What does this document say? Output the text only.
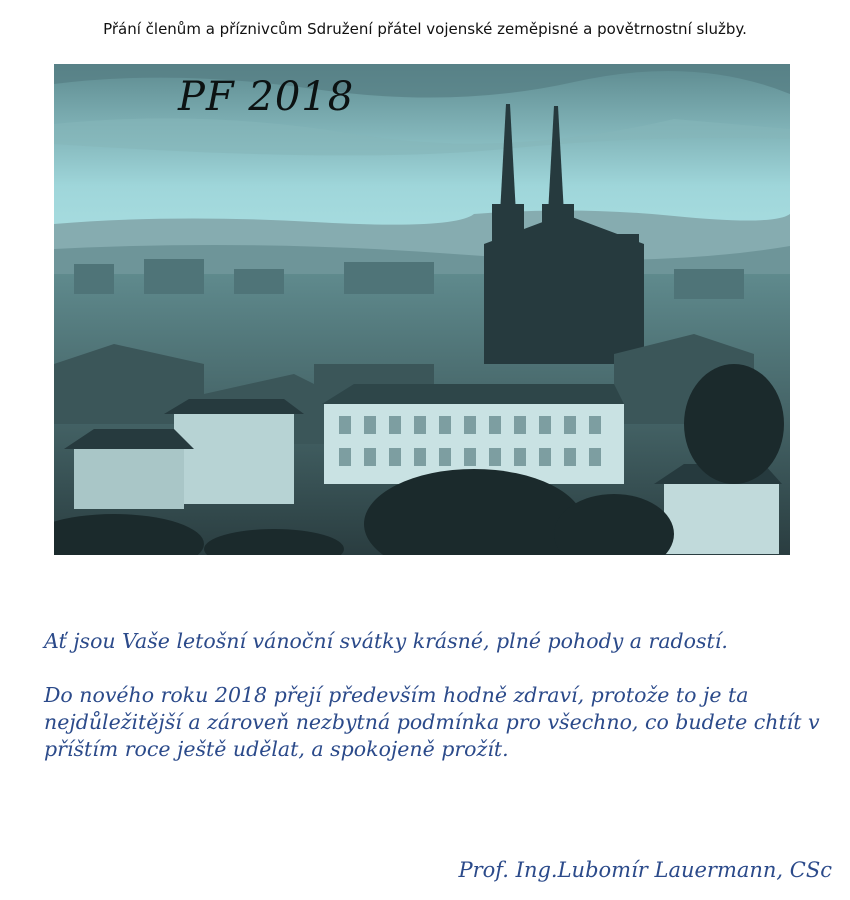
Přání členům a příznivcům Sdružení přátel vojenské zeměpisné a povětrnostní služby.
PF 2018
Ať jsou Vaše letošní vánoční svátky krásné, plné pohody a radostí.
Do nového roku 2018 přejí především hodně zdraví, protože to je ta nejdůležitější a zároveň nezbytná podmínka pro všechno, co budete chtít v příštím roce ještě udělat, a spokojeně prožít.
Prof. Ing.Lubomír Lauermann, CSc
